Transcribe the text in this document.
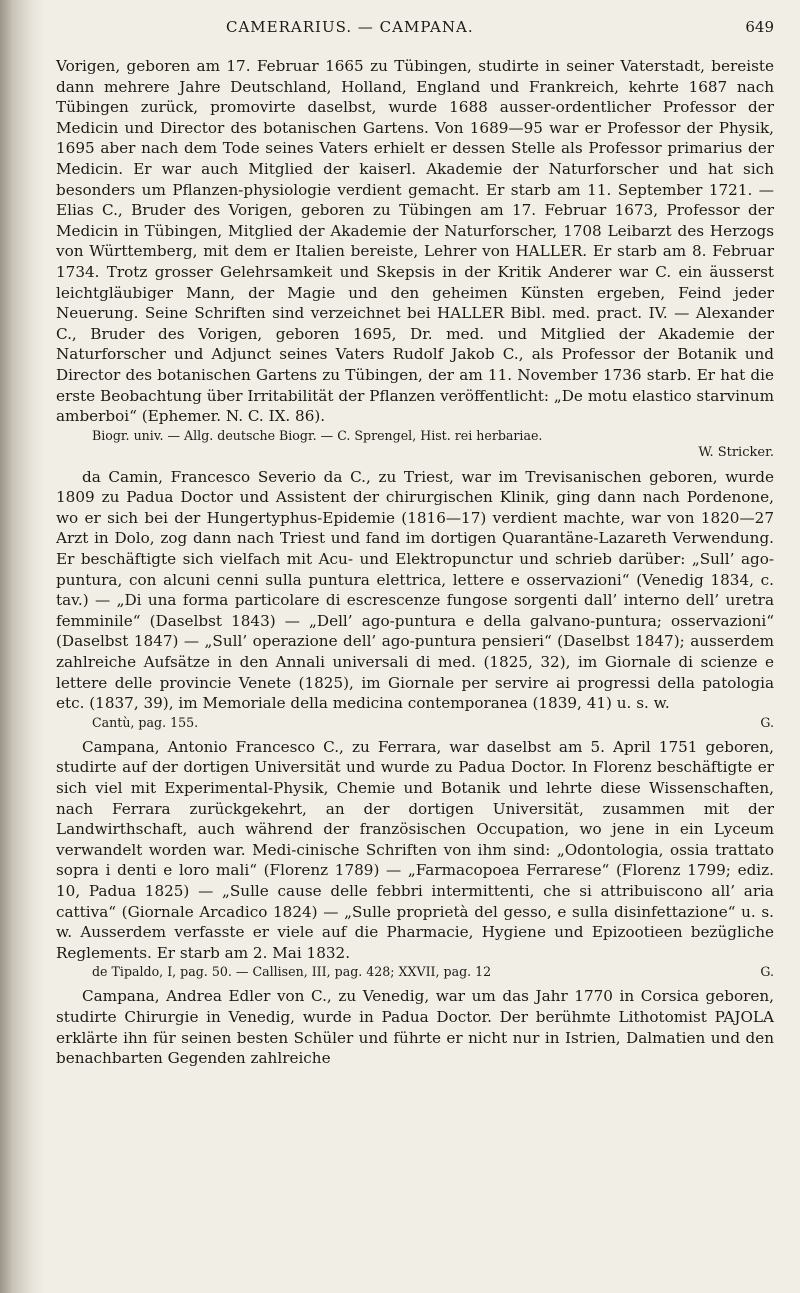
CAMERARIUS. — CAMPANA.	649

Vorigen, geboren am 17. Februar 1665 zu Tübingen, studirte in seiner Vaterstadt, bereiste dann mehrere Jahre Deutschland, Holland, England und Frankreich, kehrte 1687 nach Tübingen zurück, promovirte daselbst, wurde 1688 ausser-ordentlicher Professor der Medicin und Director des botanischen Gartens. Von 1689—95 war er Professor der Physik, 1695 aber nach dem Tode seines Vaters erhielt er dessen Stelle als Professor primarius der Medicin. Er war auch Mitglied der kaiserl. Akademie der Naturforscher und hat sich besonders um Pflanzen-physiologie verdient gemacht. Er starb am 11. September 1721. — Elias C., Bruder des Vorigen, geboren zu Tübingen am 17. Februar 1673, Professor der Medicin in Tübingen, Mitglied der Akademie der Naturforscher, 1708 Leibarzt des Herzogs von Württemberg, mit dem er Italien bereiste, Lehrer von HALLER. Er starb am 8. Februar 1734. Trotz grosser Gelehrsamkeit und Skepsis in der Kritik Anderer war C. ein äusserst leichtgläubiger Mann, der Magie und den geheimen Künsten ergeben, Feind jeder Neuerung. Seine Schriften sind verzeichnet bei HALLER Bibl. med. pract. IV. — Alexander C., Bruder des Vorigen, geboren 1695, Dr. med. und Mitglied der Akademie der Naturforscher und Adjunct seines Vaters Rudolf Jakob C., als Professor der Botanik und Director des botanischen Gartens zu Tübingen, der am 11. November 1736 starb. Er hat die erste Beobachtung über Irritabilität der Pflanzen veröffentlicht: „De motu elastico starvinum amberboi“ (Ephemer. N. C. IX. 86).

Biogr. univ. — Allg. deutsche Biogr. — C. Sprengel, Hist. rei herbariae.

W. Stricker.

da Camin, Francesco Severio da C., zu Triest, war im Trevisanischen geboren, wurde 1809 zu Padua Doctor und Assistent der chirurgischen Klinik, ging dann nach Pordenone, wo er sich bei der Hungertyphus-Epidemie (1816—17) verdient machte, war von 1820—27 Arzt in Dolo, zog dann nach Triest und fand im dortigen Quarantäne-Lazareth Verwendung. Er beschäftigte sich vielfach mit Acu- und Elektropunctur und schrieb darüber: „Sull’ ago-puntura, con alcuni cenni sulla puntura elettrica, lettere e osservazioni“ (Venedig 1834, c. tav.) — „Di una forma particolare di escrescenze fungose sorgenti dall’ interno dell’ uretra femminile“ (Daselbst 1843) — „Dell’ ago-puntura e della galvano-puntura; osservazioni“ (Daselbst 1847) — „Sull’ operazione dell’ ago-puntura pensieri“ (Daselbst 1847); ausserdem zahlreiche Aufsätze in den Annali universali di med. (1825, 32), im Giornale di scienze e lettere delle provincie Venete (1825), im Giornale per servire ai progressi della patologia etc. (1837, 39), im Memoriale della medicina contemporanea (1839, 41) u. s. w.

Cantù, pag. 155.	G.

Campana, Antonio Francesco C., zu Ferrara, war daselbst am 5. April 1751 geboren, studirte auf der dortigen Universität und wurde zu Padua Doctor. In Florenz beschäftigte er sich viel mit Experimental-Physik, Chemie und Botanik und lehrte diese Wissenschaften, nach Ferrara zurückgekehrt, an der dortigen Universität, zusammen mit der Landwirthschaft, auch während der französischen Occupation, wo jene in ein Lyceum verwandelt worden war. Medi-cinische Schriften von ihm sind: „Odontologia, ossia trattato sopra i denti e loro mali“ (Florenz 1789) — „Farmacopoea Ferrarese“ (Florenz 1799; ediz. 10, Padua 1825) — „Sulle cause delle febbri intermittenti, che si attribuiscono all’ aria cattiva“ (Giornale Arcadico 1824) — „Sulle proprietà del gesso, e sulla disinfettazione“ u. s. w. Ausserdem verfasste er viele auf die Pharmacie, Hygiene und Epizootieen bezügliche Reglements. Er starb am 2. Mai 1832.

de Tipaldo, I, pag. 50. — Callisen, III, pag. 428; XXVII, pag. 12	G.

Campana, Andrea Edler von C., zu Venedig, war um das Jahr 1770 in Corsica geboren, studirte Chirurgie in Venedig, wurde in Padua Doctor. Der berühmte Lithotomist PAJOLA erklärte ihn für seinen besten Schüler und führte er nicht nur in Istrien, Dalmatien und den benachbarten Gegenden zahlreiche
